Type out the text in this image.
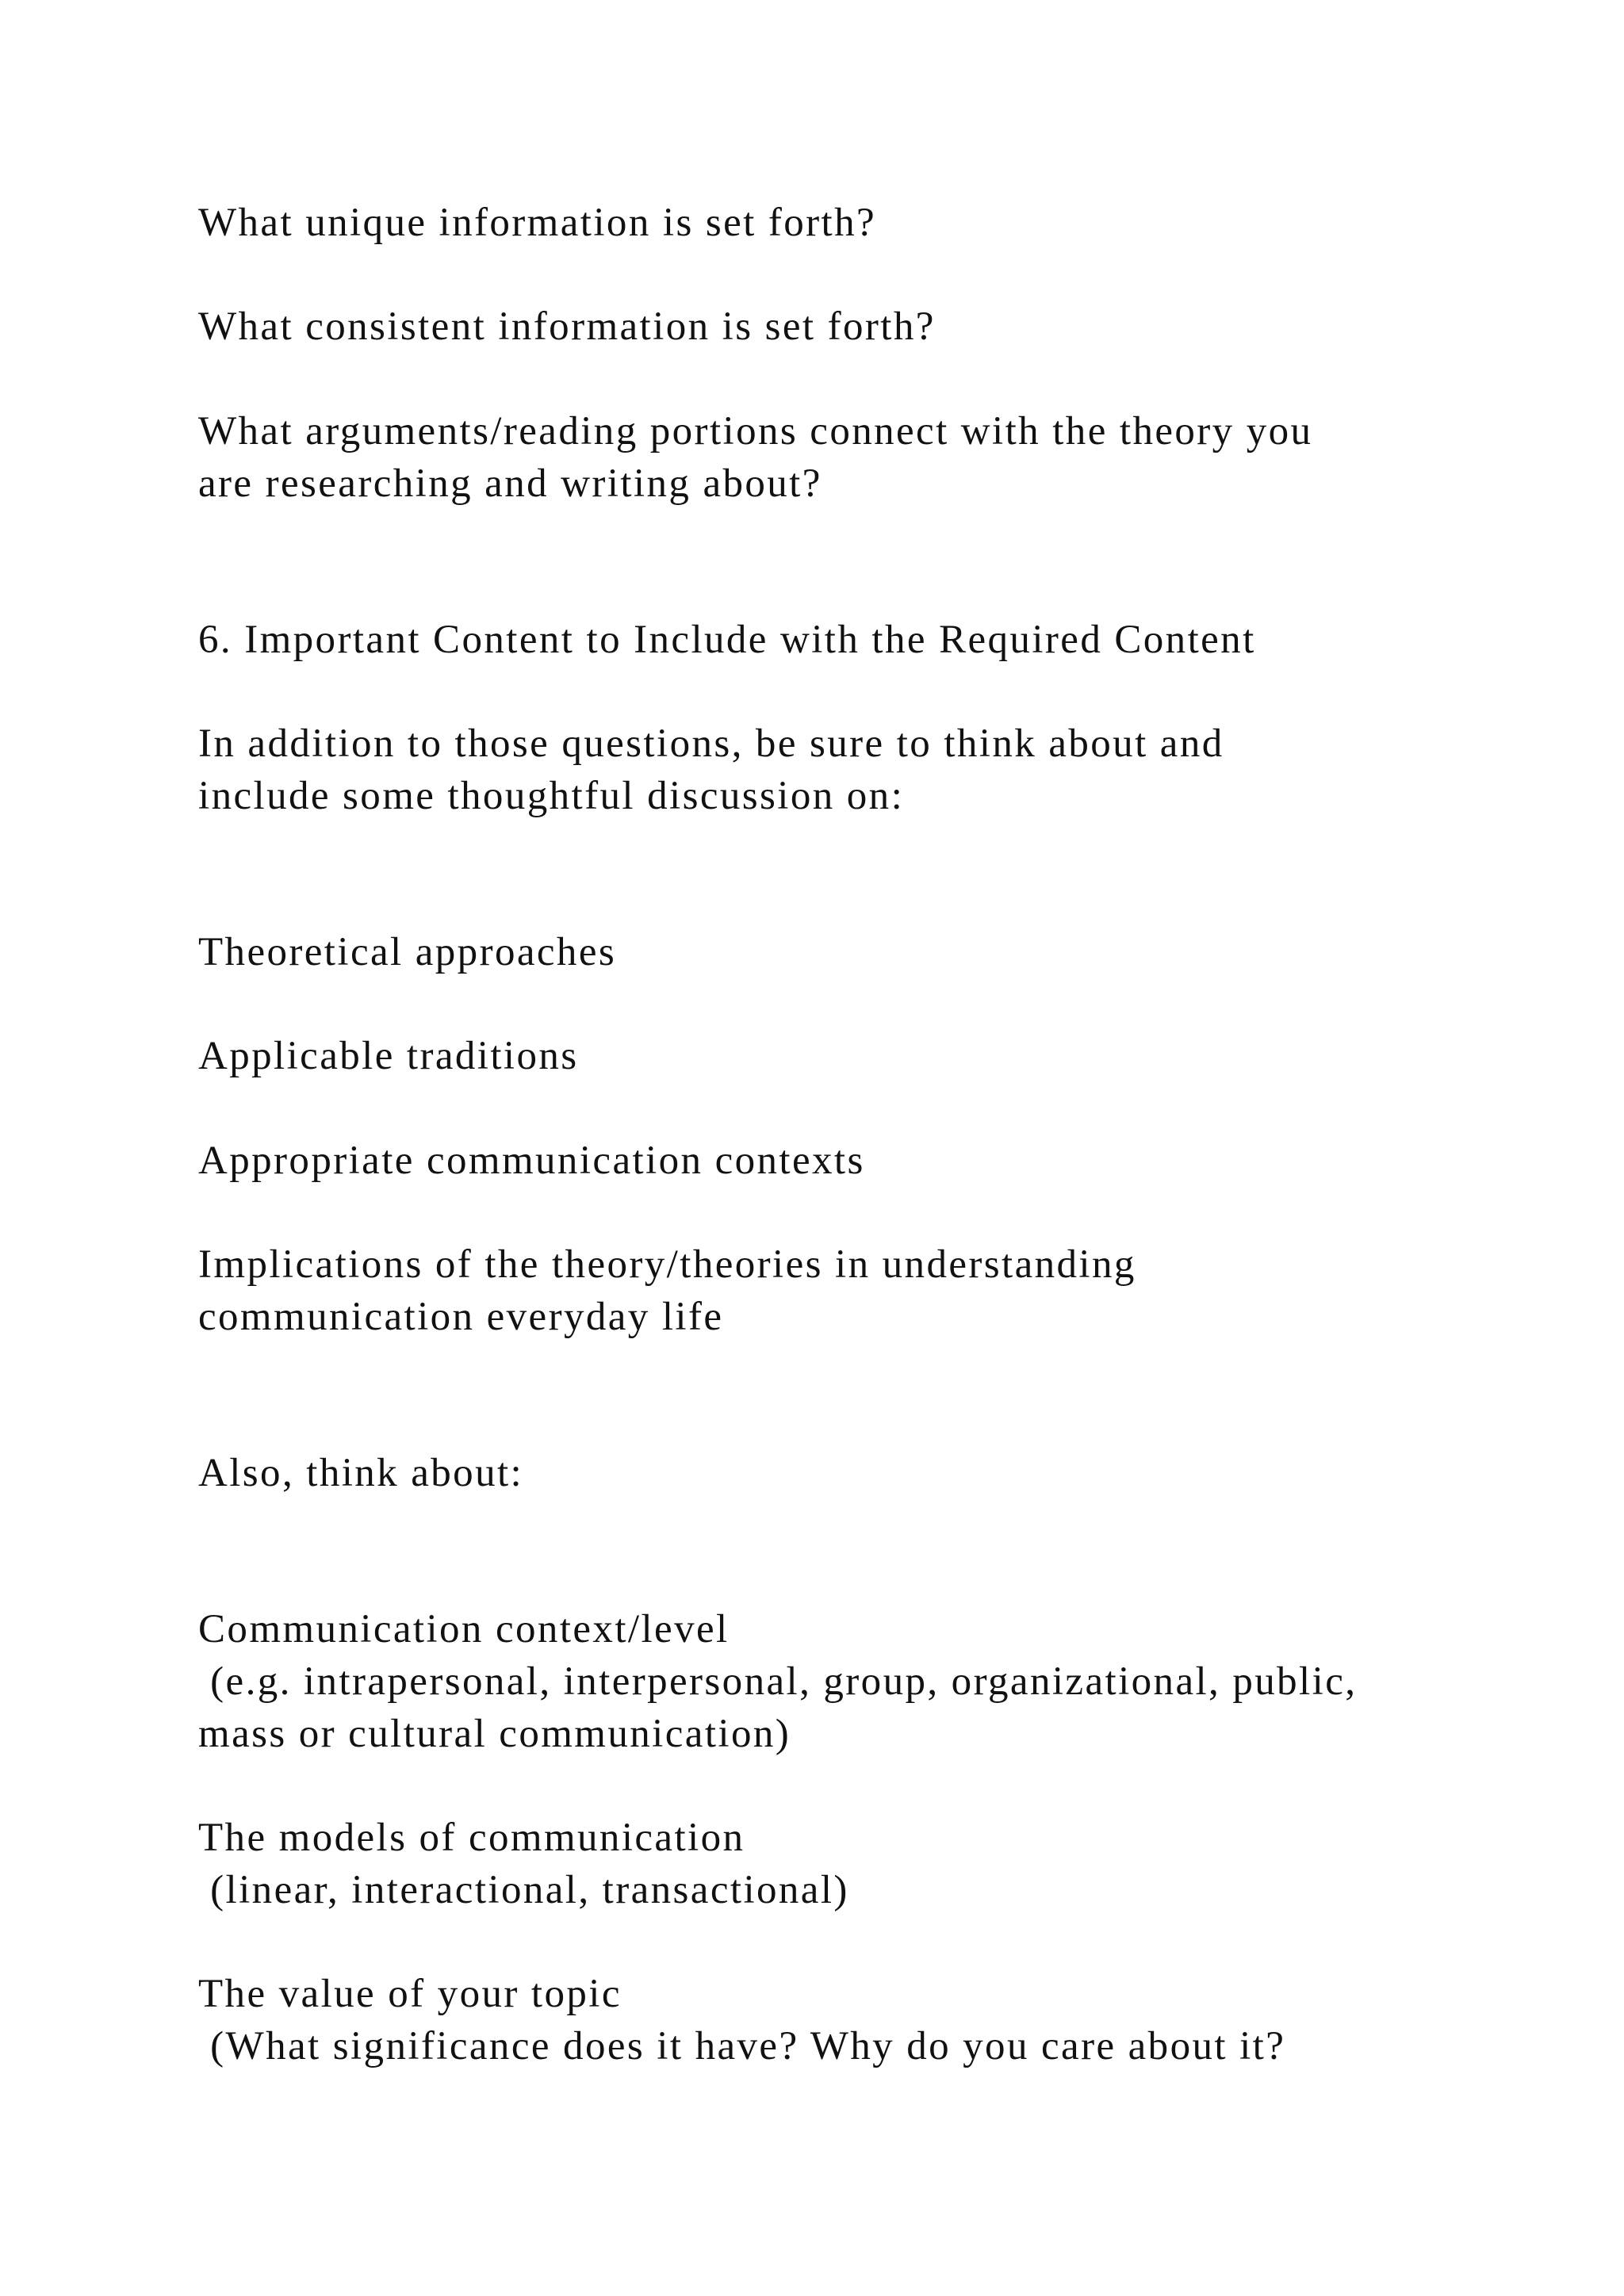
What unique information is set forth?

What consistent information is set forth?

What arguments/reading portions connect with the theory you

are researching and writing about?

6. Important Content to Include with the Required Content

In addition to those questions, be sure to think about and

include some thoughtful discussion on:

Theoretical approaches

Applicable traditions

Appropriate communication contexts

Implications of the theory/theories in understanding

communication everyday life

Also, think about:

Communication context/level

(e.g. intrapersonal, interpersonal, group, organizational, public,

mass or cultural communication)

The models of communication

(linear, interactional, transactional)

The value of your topic

(What significance does it have? Why do you care about it?
